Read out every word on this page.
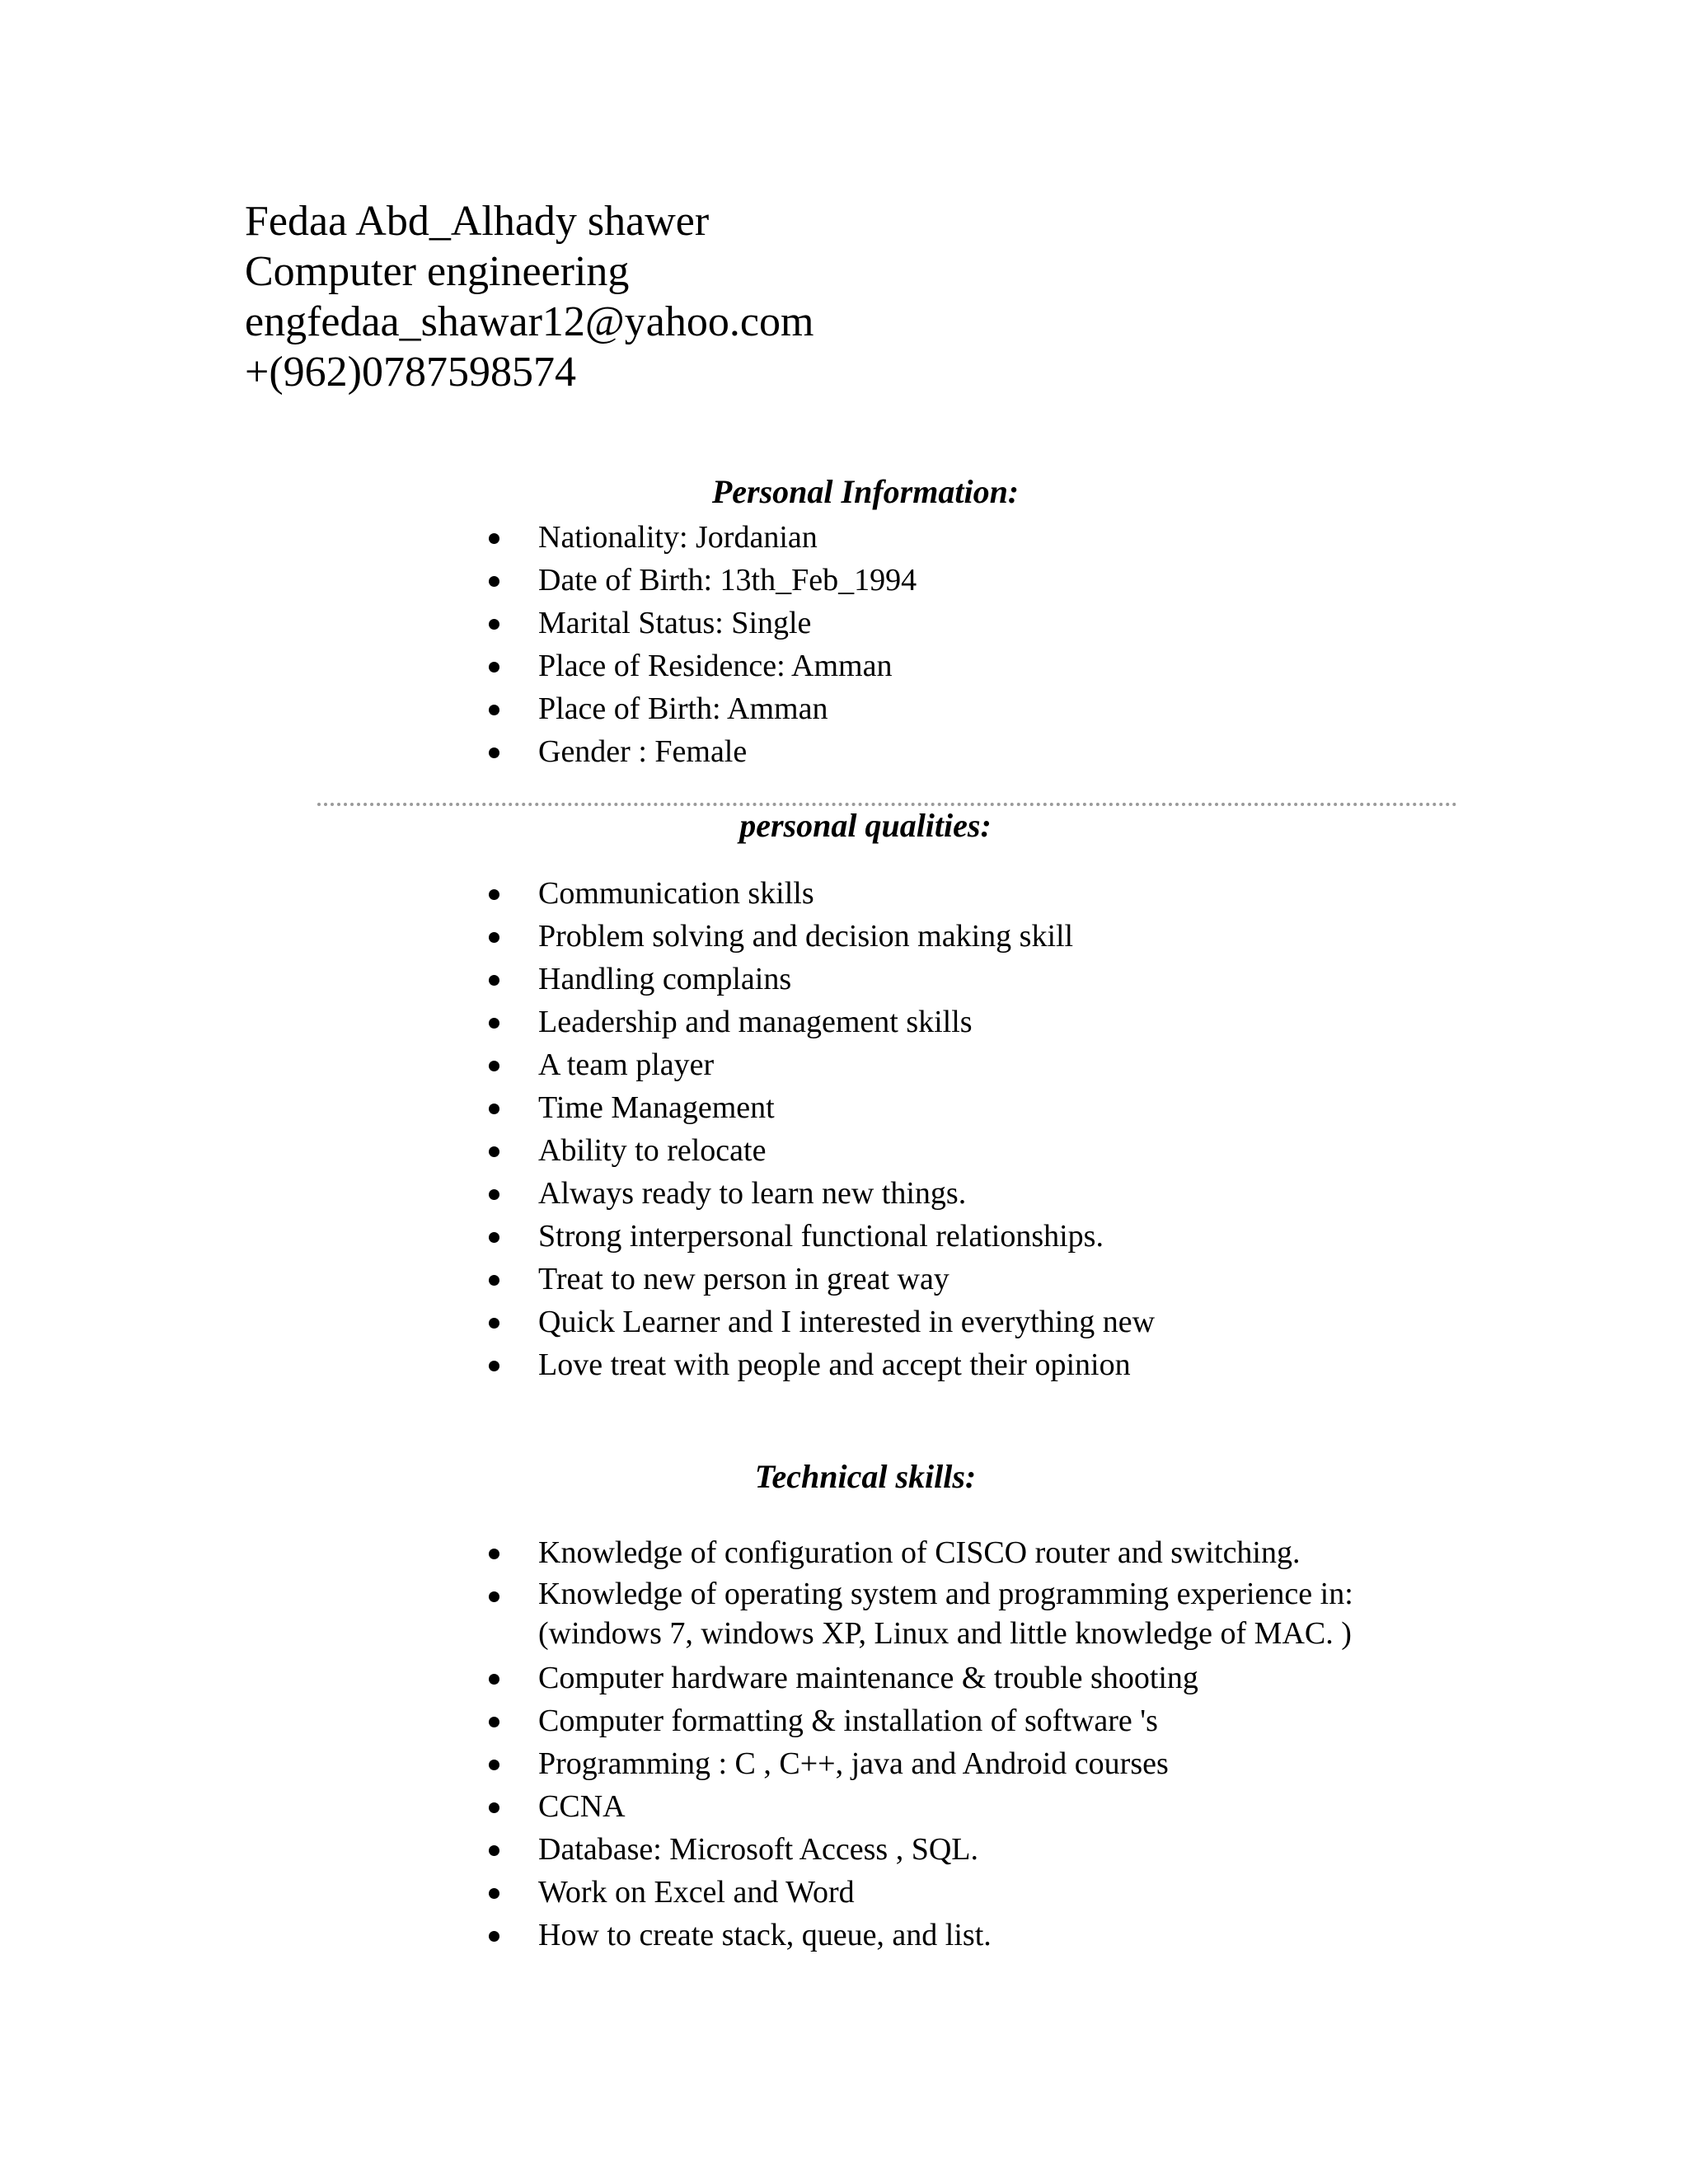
Fedaa Abd_Alhady shawer
Computer engineering
engfedaa_shawar12@yahoo.com
+(962)0787598574
Personal Information:
Nationality: Jordanian
Date of Birth: 13th_Feb_1994
Marital Status: Single
Place of Residence: Amman
Place of Birth: Amman
Gender : Female
personal qualities:
Communication skills
Problem solving and decision making skill
Handling complains
Leadership and management skills
A team player
Time Management
Ability to relocate
Always ready to learn new things.
Strong interpersonal functional relationships.
Treat to new person in great way
Quick Learner and I interested in everything new
Love treat with people and accept their opinion
Technical skills:
Knowledge of configuration of CISCO router and switching.
Knowledge of operating system and programming experience in:
(windows 7, windows XP, Linux and little knowledge of MAC. )
Computer hardware maintenance & trouble shooting
Computer formatting & installation of software 's
Programming : C , C++, java and Android courses
CCNA
Database: Microsoft Access , SQL.
Work on Excel and Word
How to create stack, queue, and list.
